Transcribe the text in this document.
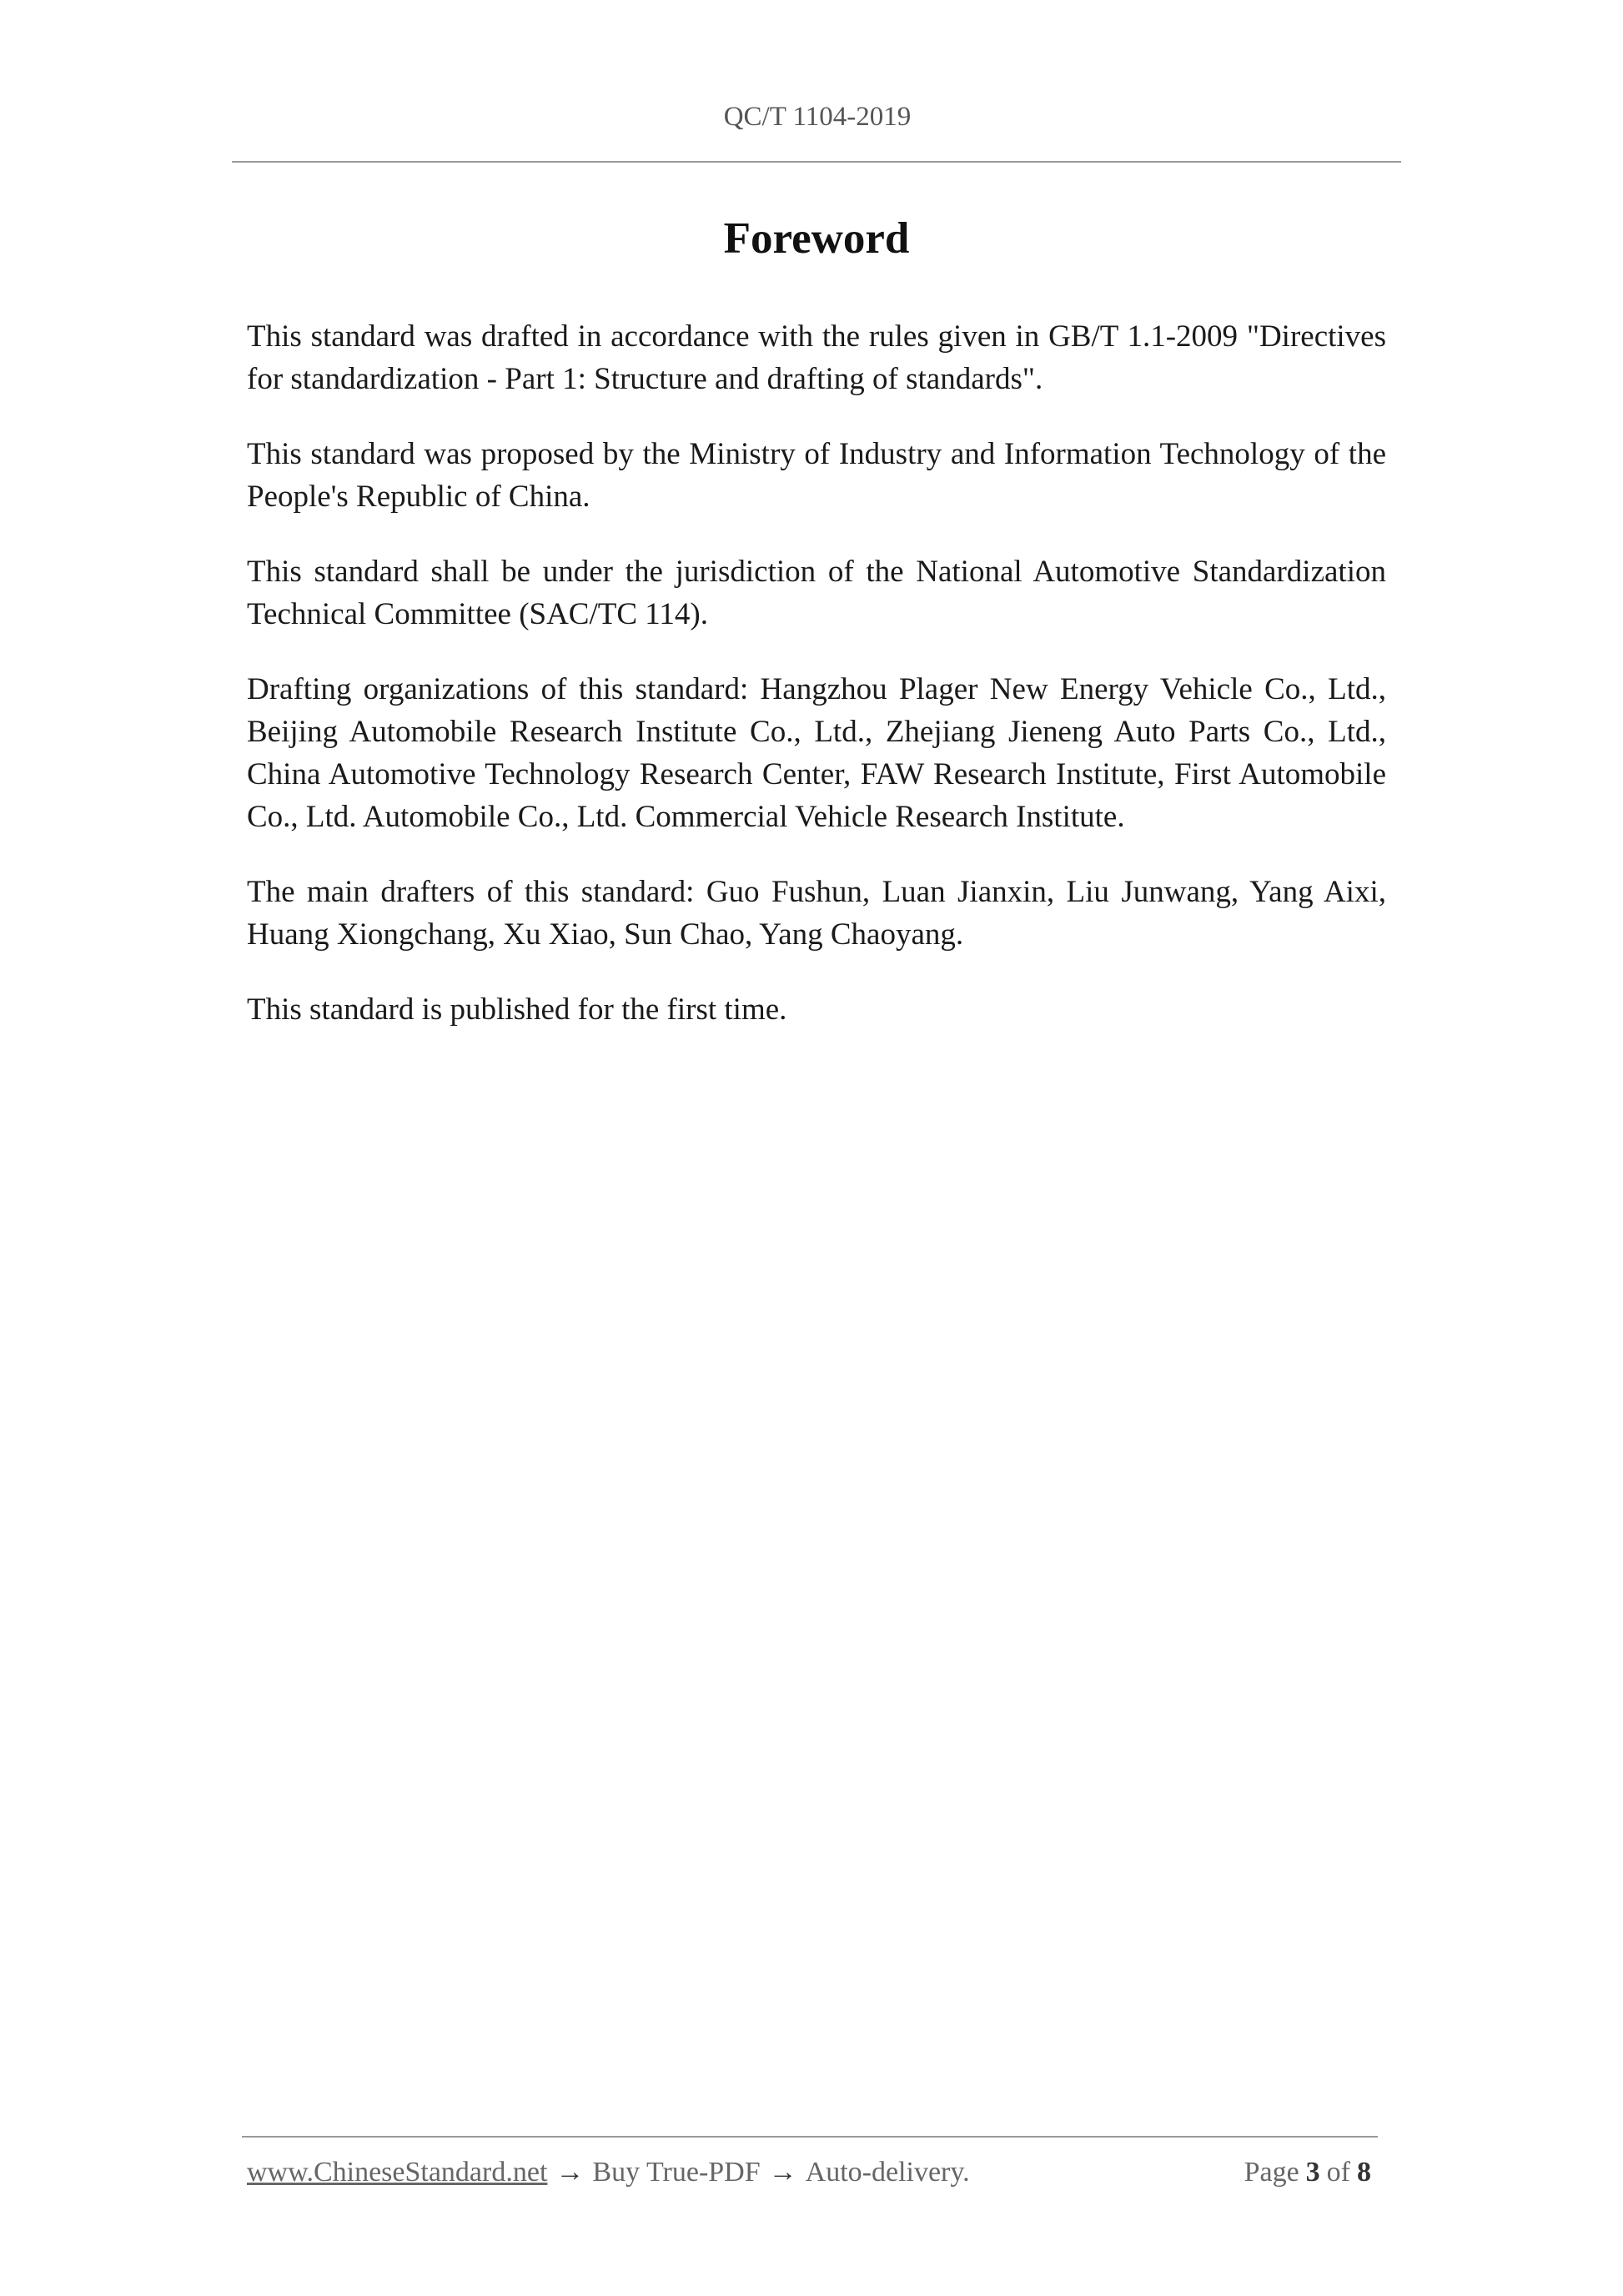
QC/T 1104-2019
Foreword

This standard was drafted in accordance with the rules given in GB/T 1.1-2009 "Directives for standardization - Part 1: Structure and drafting of standards".

This standard was proposed by the Ministry of Industry and Information Technology of the People's Republic of China.

This standard shall be under the jurisdiction of the National Automotive Standardization Technical Committee (SAC/TC 114).

Drafting organizations of this standard: Hangzhou Plager New Energy Vehicle Co., Ltd., Beijing Automobile Research Institute Co., Ltd., Zhejiang Jieneng Auto Parts Co., Ltd., China Automotive Technology Research Center, FAW Research Institute, First Automobile Co., Ltd. Automobile Co., Ltd. Commercial Vehicle Research Institute.

The main drafters of this standard: Guo Fushun, Luan Jianxin, Liu Junwang, Yang Aixi, Huang Xiongchang, Xu Xiao, Sun Chao, Yang Chaoyang.

This standard is published for the first time.

www.ChineseStandard.net → Buy True-PDF → Auto-delivery.	Page 3 of 8
